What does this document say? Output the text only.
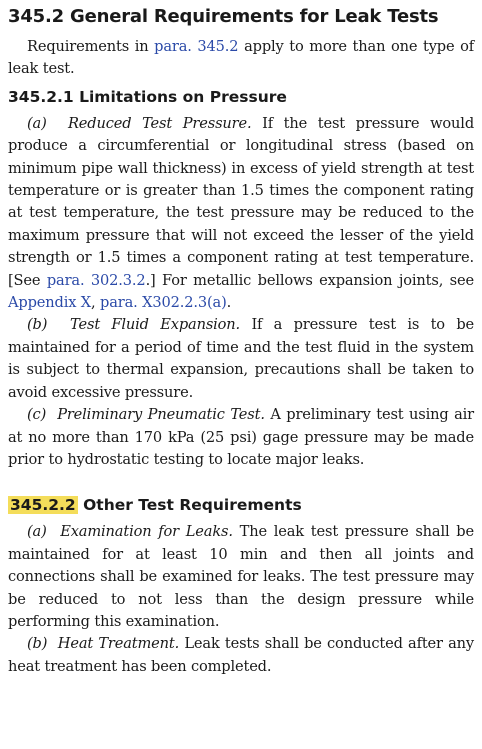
345.2 General Requirements for Leak Tests

Requirements in para. 345.2 apply to more than one type of leak test.

345.2.1 Limitations on Pressure

(a) Reduced Test Pressure. If the test pressure would produce a circumferential or longitudinal stress (based on minimum pipe wall thickness) in excess of yield strength at test temperature or is greater than 1.5 times the component rating at test temperature, the test pressure may be reduced to the maximum pressure that will not exceed the lesser of the yield strength or 1.5 times a component rating at test temperature. [See para. 302.3.2.] For metallic bellows expansion joints, see Appendix X, para. X302.2.3(a).

(b) Test Fluid Expansion. If a pressure test is to be maintained for a period of time and the test fluid in the system is subject to thermal expansion, precautions shall be taken to avoid excessive pressure.

(c) Preliminary Pneumatic Test. A preliminary test using air at no more than 170 kPa (25 psi) gage pressure may be made prior to hydrostatic testing to locate major leaks.

345.2.2 Other Test Requirements

(a) Examination for Leaks. The leak test pressure shall be maintained for at least 10 min and then all joints and connections shall be examined for leaks. The test pressure may be reduced to not less than the design pressure while performing this examination.

(b) Heat Treatment. Leak tests shall be conducted after any heat treatment has been completed.
